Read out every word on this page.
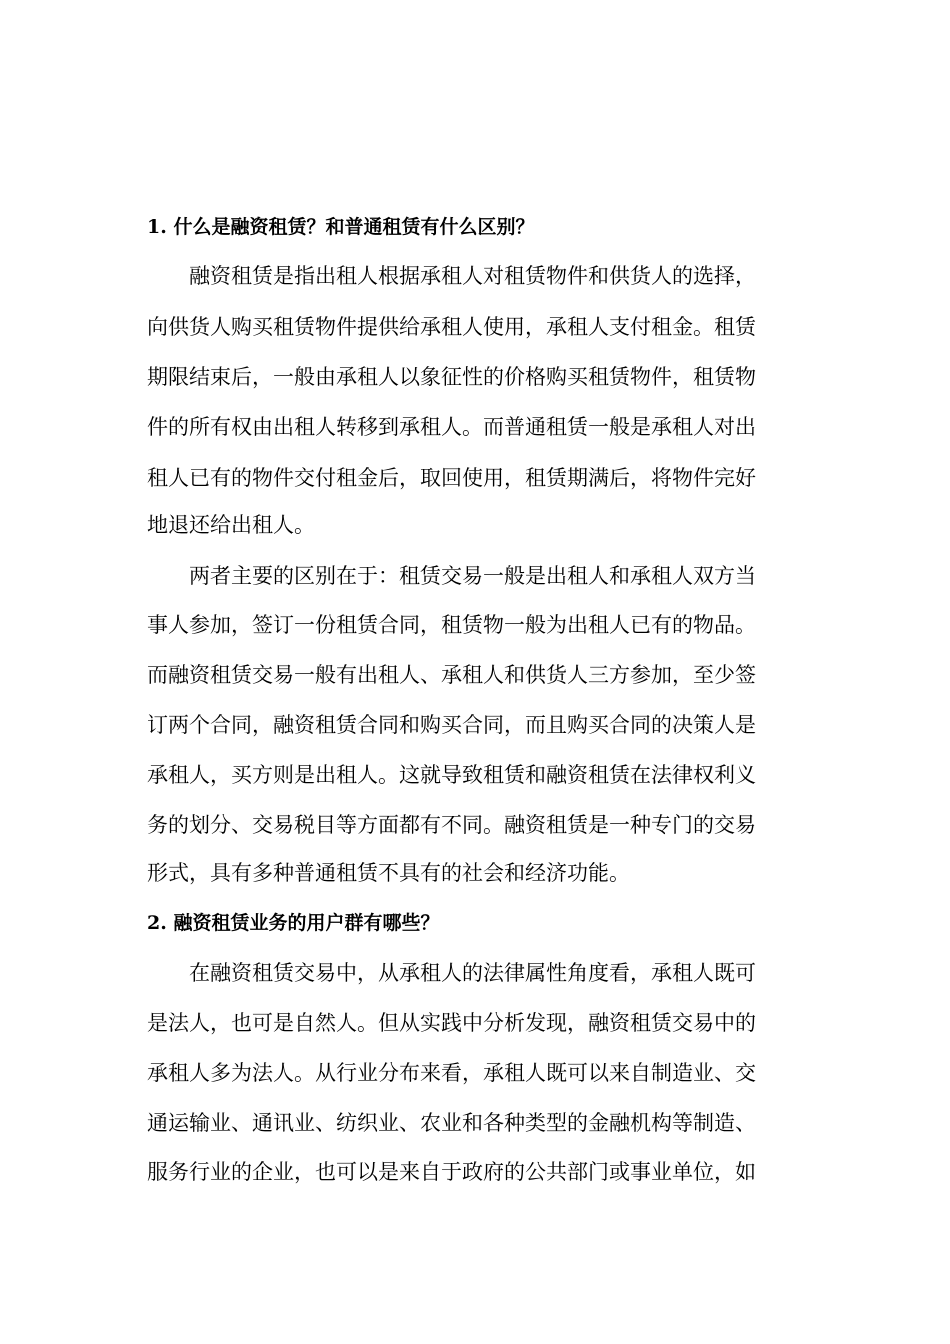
1. 什么是融资租赁？和普通租赁有什么区别？
融资租赁是指出租人根据承租人对租赁物件和供货人的选择，
向供货人购买租赁物件提供给承租人使用，承租人支付租金。租赁
期限结束后，一般由承租人以象征性的价格购买租赁物件，租赁物
件的所有权由出租人转移到承租人。而普通租赁一般是承租人对出
租人已有的物件交付租金后，取回使用，租赁期满后，将物件完好
地退还给出租人。
两者主要的区别在于：租赁交易一般是出租人和承租人双方当
事人参加，签订一份租赁合同，租赁物一般为出租人已有的物品。
而融资租赁交易一般有出租人、承租人和供货人三方参加，至少签
订两个合同，融资租赁合同和购买合同，而且购买合同的决策人是
承租人，买方则是出租人。这就导致租赁和融资租赁在法律权利义
务的划分、交易税目等方面都有不同。融资租赁是一种专门的交易
形式，具有多种普通租赁不具有的社会和经济功能。
2. 融资租赁业务的用户群有哪些？
在融资租赁交易中，从承租人的法律属性角度看，承租人既可
是法人，也可是自然人。但从实践中分析发现，融资租赁交易中的
承租人多为法人。从行业分布来看，承租人既可以来自制造业、交
通运输业、通讯业、纺织业、农业和各种类型的金融机构等制造、
服务行业的企业，也可以是来自于政府的公共部门或事业单位，如
